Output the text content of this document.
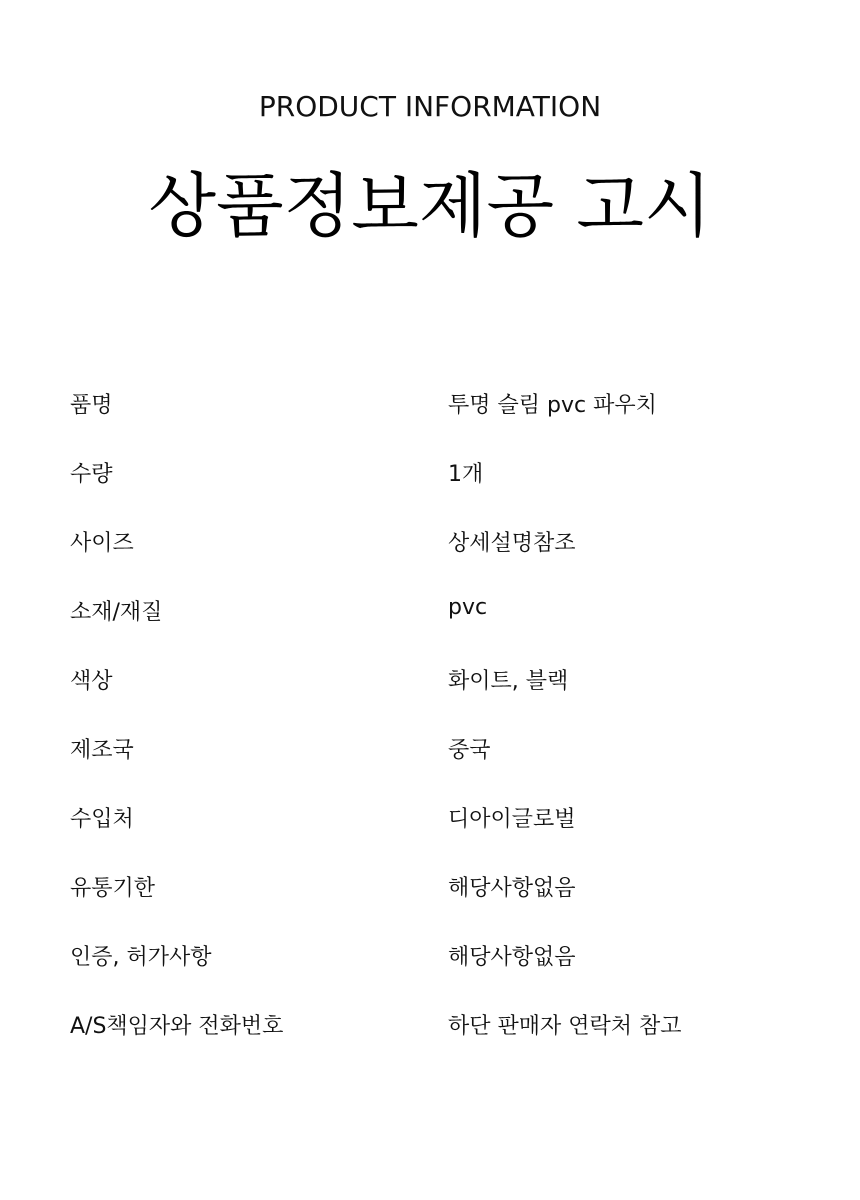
PRODUCT INFORMATION
상품정보제공 고시
품명	투명 슬림 pvc 파우치
수량	1개
사이즈	상세설명참조
소재/재질	pvc
색상	화이트, 블랙
제조국	중국
수입처	디아이글로벌
유통기한	해당사항없음
인증, 허가사항	해당사항없음
A/S책임자와 전화번호	하단 판매자 연락처 참고
